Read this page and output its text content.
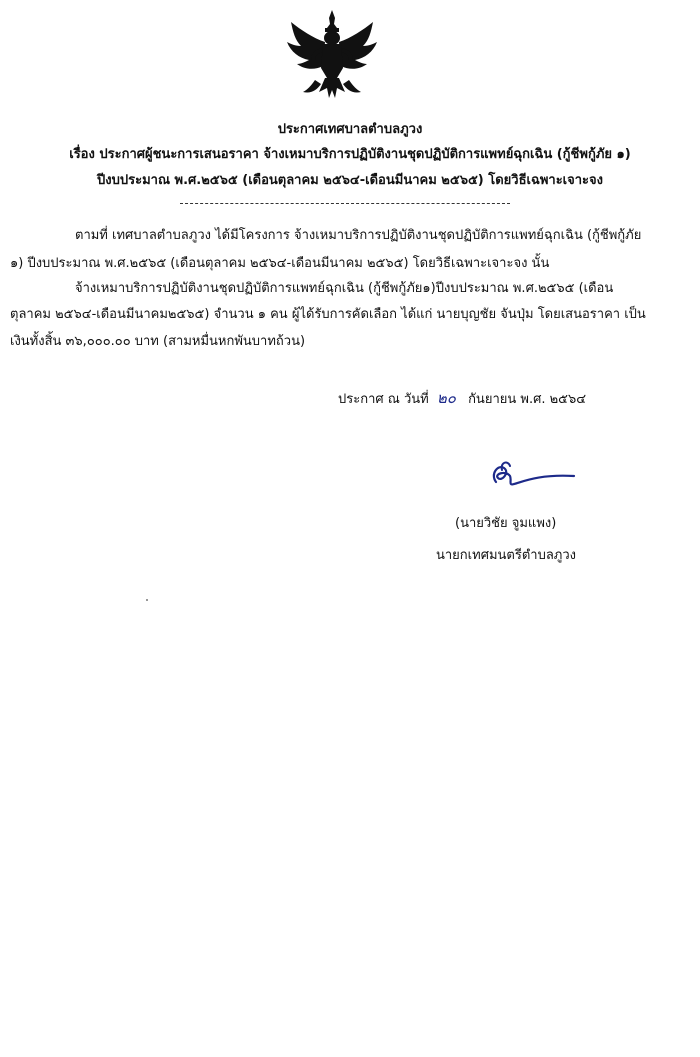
ประกาศเทศบาลตำบลภูวง
เรื่อง ประกาศผู้ชนะการเสนอราคา จ้างเหมาบริการปฏิบัติงานชุดปฏิบัติการแพทย์ฉุกเฉิน (กู้ชีพกู้ภัย ๑)
ปีงบประมาณ พ.ศ.๒๕๖๕ (เดือนตุลาคม ๒๕๖๔-เดือนมีนาคม ๒๕๖๕) โดยวิธีเฉพาะเจาะจง
ตามที่ เทศบาลตำบลภูวง ได้มีโครงการ จ้างเหมาบริการปฏิบัติงานชุดปฏิบัติการแพทย์ฉุกเฉิน (กู้ชีพกู้ภัย
๑) ปีงบประมาณ พ.ศ.๒๕๖๕ (เดือนตุลาคม ๒๕๖๔-เดือนมีนาคม ๒๕๖๕) โดยวิธีเฉพาะเจาะจง นั้น
จ้างเหมาบริการปฏิบัติงานชุดปฏิบัติการแพทย์ฉุกเฉิน (กู้ชีพกู้ภัย๑)ปีงบประมาณ พ.ศ.๒๕๖๕ (เดือน
ตุลาคม ๒๕๖๔-เดือนมีนาคม๒๕๖๕) จำนวน ๑ คน ผู้ได้รับการคัดเลือก ได้แก่ นายบุญชัย จันปุ่ม โดยเสนอราคา เป็น
เงินทั้งสิ้น ๓๖,๐๐๐.๐๐ บาท (สามหมื่นหกพันบาทถ้วน)
ประกาศ ณ วันที่ ๒๐ กันยายน พ.ศ. ๒๕๖๔
(นายวิชัย จูมแพง)
นายกเทศมนตรีตำบลภูวง
